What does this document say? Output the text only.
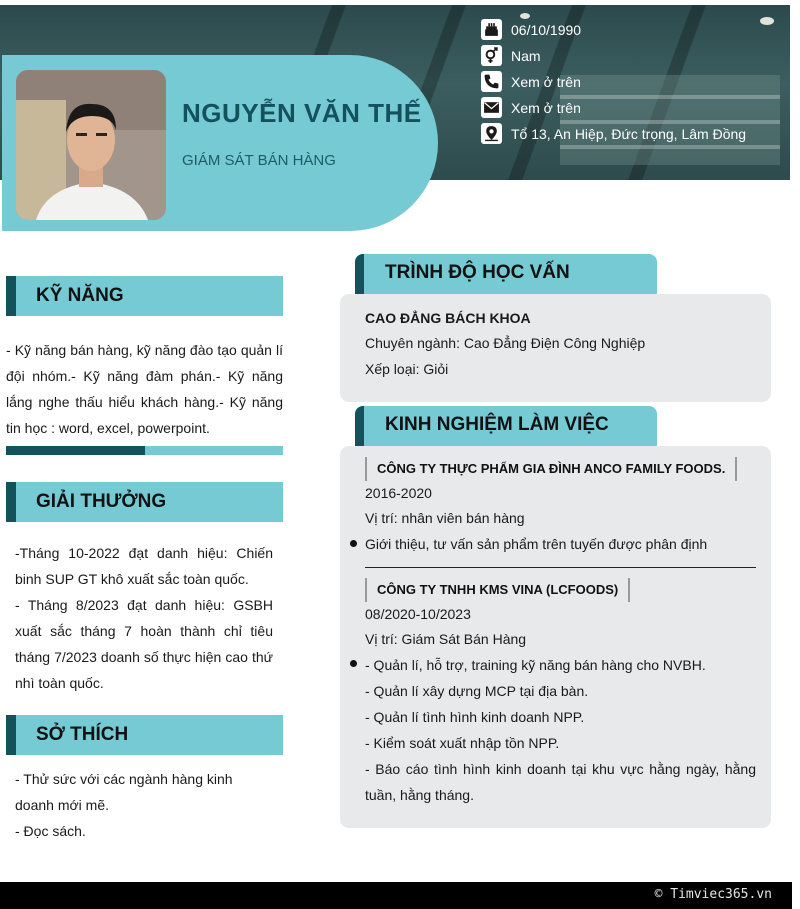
NGUYỄN VĂN THẾ
GIÁM SÁT BÁN HÀNG
06/10/1990
Nam
Xem ở trên
Xem ở trên
Tổ 13, An Hiệp, Đức trọng, Lâm Đồng
KỸ NĂNG
- Kỹ năng bán hàng, kỹ năng đào tạo quản lí đội nhóm.- Kỹ năng đàm phán.- Kỹ năng lắng nghe thấu hiểu khách hàng.- Kỹ năng tin học : word, excel, powerpoint.
GIẢI THƯỞNG
-Tháng 10-2022 đạt danh hiệu: Chiến binh SUP GT khô xuất sắc toàn quốc.
- Tháng 8/2023 đạt danh hiệu: GSBH xuất sắc tháng 7 hoàn thành chỉ tiêu tháng 7/2023 doanh số thực hiện cao thứ nhì toàn quốc.
SỞ THÍCH
- Thử sức với các ngành hàng kinh doanh mới mẽ.
- Đọc sách.
TRÌNH ĐỘ HỌC VẤN
CAO ĐẲNG BÁCH KHOA
Chuyên ngành: Cao Đẳng Điện Công Nghiệp
Xếp loại: Giỏi
KINH NGHIỆM LÀM VIỆC
CÔNG TY THỰC PHẨM GIA ĐÌNH ANCO FAMILY FOODS.
2016-2020
Vị trí: nhân viên bán hàng
Giới thiệu, tư vấn sản phẩm trên tuyến được phân định
CÔNG TY TNHH KMS VINA (LCFOODS)
08/2020-10/2023
Vị trí: Giám Sát Bán Hàng
- Quản lí, hỗ trợ, training kỹ năng bán hàng cho NVBH.
- Quản lí xây dựng MCP tại địa bàn.
- Quản lí tình hình kinh doanh NPP.
- Kiểm soát xuất nhập tồn NPP.
- Báo cáo tình hình kinh doanh tại khu vực hằng ngày, hằng tuần, hằng tháng.
© Timviec365.vn
